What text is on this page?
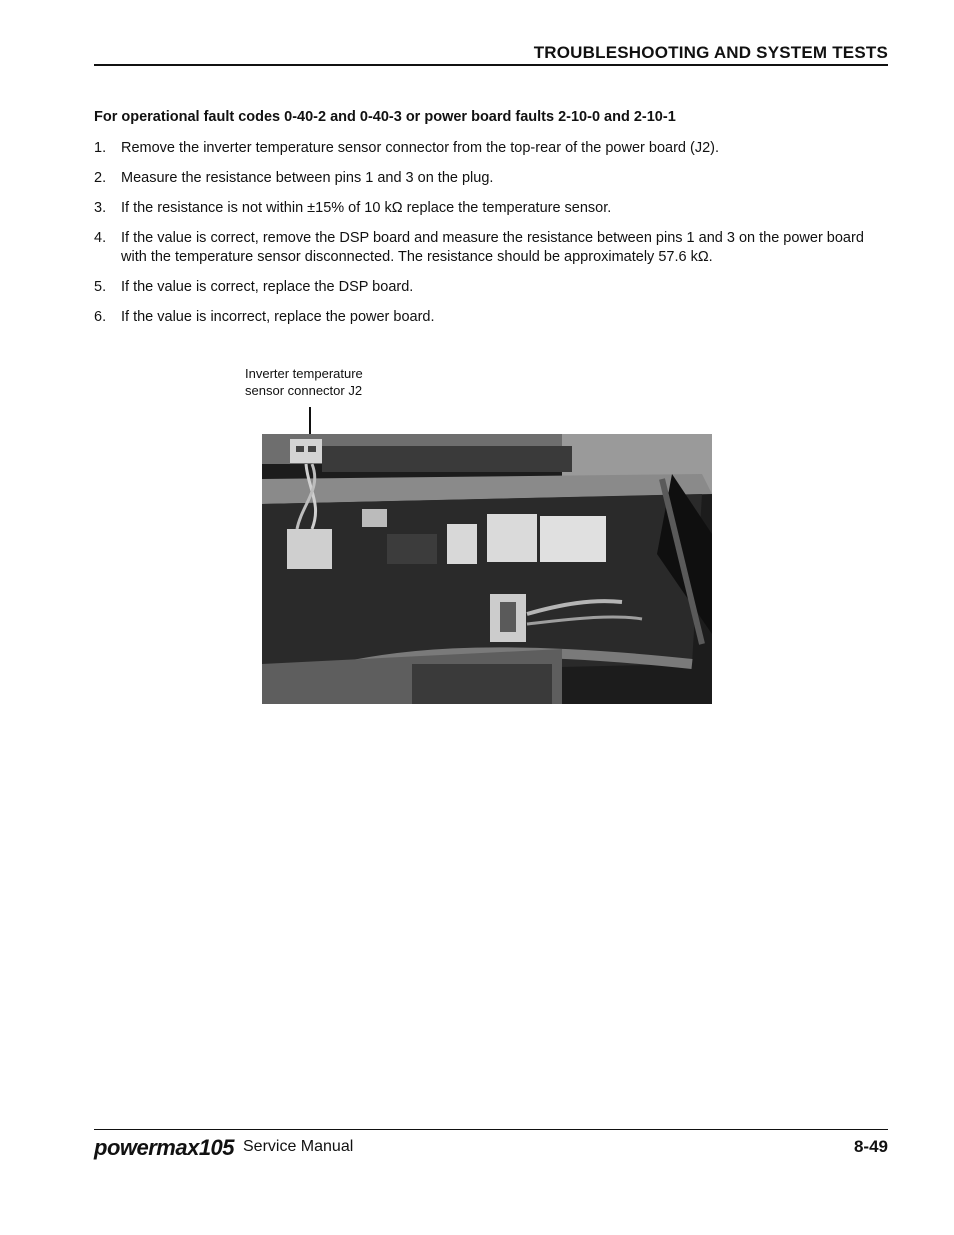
TROUBLESHOOTING AND SYSTEM TESTS
For operational fault codes 0-40-2 and 0-40-3 or power board faults 2-10-0 and 2-10-1
1. Remove the inverter temperature sensor connector from the top-rear of the power board (J2).
2. Measure the resistance between pins 1 and 3 on the plug.
3. If the resistance is not within ±15% of 10 kΩ replace the temperature sensor.
4. If the value is correct, remove the DSP board and measure the resistance between pins 1 and 3 on the power board with the temperature sensor disconnected. The resistance should be approximately 57.6 kΩ.
5. If the value is correct, replace the DSP board.
6. If the value is incorrect, replace the power board.
Inverter temperature
sensor connector J2
powermax105 Service Manual	8-49
